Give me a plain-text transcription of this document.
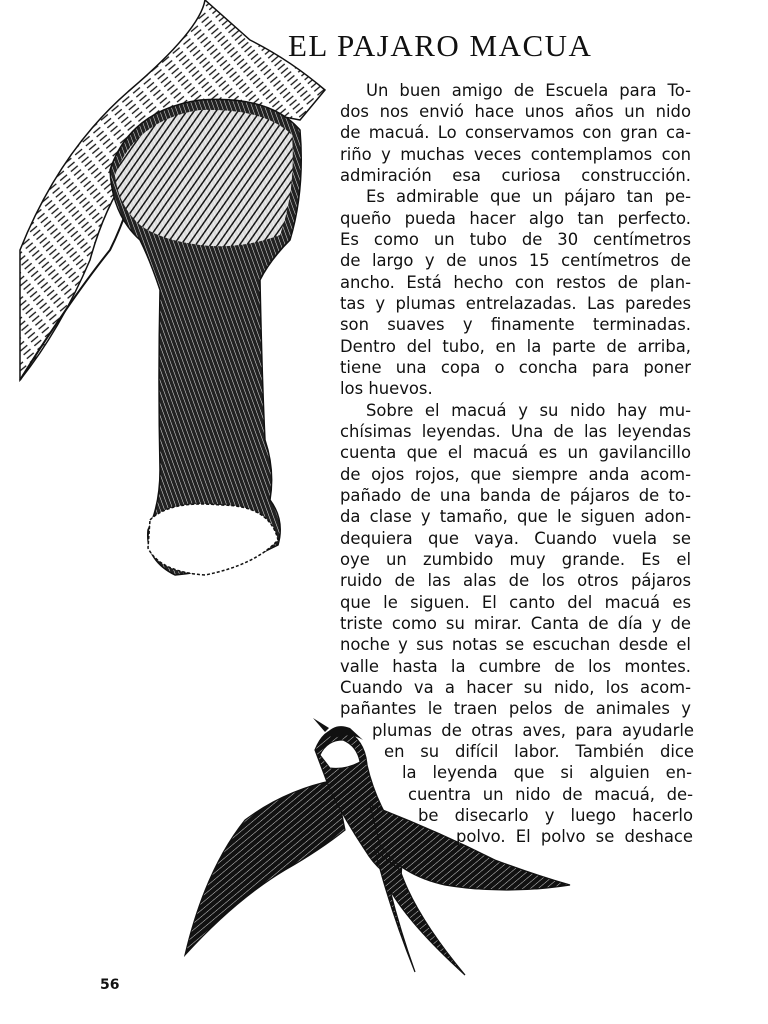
EL PAJARO MACUA
Un buen amigo de Escuela para To-
dos nos envió hace unos años un nido
de macuá. Lo conservamos con gran ca-
riño y muchas veces contemplamos con
admiración esa curiosa construcción.
Es admirable que un pájaro tan pe-
queño pueda hacer algo tan perfecto.
Es como un tubo de 30 centímetros
de largo y de unos 15 centímetros de
ancho. Está hecho con restos de plan-
tas y plumas entrelazadas. Las paredes
son suaves y finamente terminadas.
Dentro del tubo, en la parte de arriba,
tiene una copa o concha para poner
los huevos.
Sobre el macuá y su nido hay mu-
chísimas leyendas. Una de las leyendas
cuenta que el macuá es un gavilancillo
de ojos rojos, que siempre anda acom-
pañado de una banda de pájaros de to-
da clase y tamaño, que le siguen adon-
dequiera que vaya. Cuando vuela se
oye un zumbido muy grande. Es el
ruido de las alas de los otros pájaros
que le siguen. El canto del macuá es
triste como su mirar. Canta de día y de
noche y sus notas se escuchan desde el
valle hasta la cumbre de los montes.
Cuando va a hacer su nido, los acom-
pañantes le traen pelos de animales y
plumas de otras aves, para ayudarle
en su difícil labor. También dice
la leyenda que si alguien en-
cuentra un nido de macuá, de-
be disecarlo y luego hacerlo
polvo. El polvo se deshace
56
